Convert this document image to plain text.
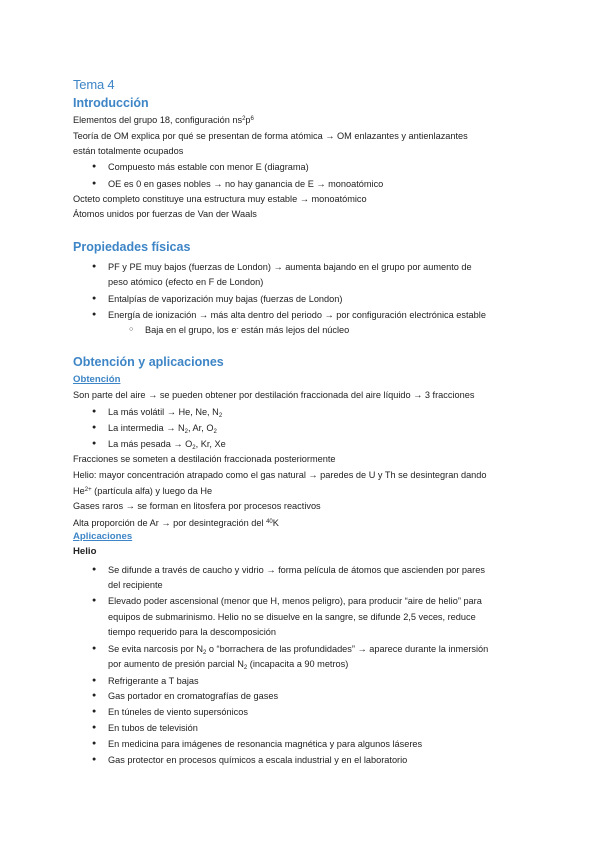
Tema 4
Introducción
Elementos del grupo 18, configuración $ns^2p^6$
Teoría de OM explica por qué se presentan de forma atómica → OM enlazantes y antienlazantes
están totalmente ocupados
● Compuesto más estable con menor E (diagrama)
● OE es 0 en gases nobles → no hay ganancia de E → monoatómico
Octeto completo constituye una estructura muy estable → monoatómico
Átomos unidos por fuerzas de Van der Waals
Propiedades físicas
● PF y PE muy bajos (fuerzas de London) → aumenta bajando en el grupo por aumento de
peso atómico (efecto en F de London)
● Entalpías de vaporización muy bajas (fuerzas de London)
● Energía de ionización → más alta dentro del periodo → por configuración electrónica estable
○ Baja en el grupo, los e- están más lejos del núcleo
Obtención y aplicaciones
Obtención
Son parte del aire → se pueden obtener por destilación fraccionada del aire líquido → 3 fracciones
● La más volátil → He, Ne, $N_2$
● La intermedia → $N_2$, Ar, $O_2$
● La más pesada → $O_2$, Kr, Xe
Fracciones se someten a destilación fraccionada posteriormente
Helio: mayor concentración atrapado como el gas natural → paredes de U y Th se desintegran dando
$He^{2+}$ (partícula alfa) y luego da He
Gases raros → se forman en litosfera por procesos reactivos
Alta proporción de Ar → por desintegración del $^{40}$K
Aplicaciones
Helio
● Se difunde a través de caucho y vidrio → forma película de átomos que ascienden por pares
del recipiente
● Elevado poder ascensional (menor que H, menos peligro), para producir “aire de helio” para
equipos de submarinismo. Helio no se disuelve en la sangre, se difunde 2,5 veces, reduce
tiempo requerido para la descomposición
● Se evita narcosis por $N_2$ o “borrachera de las profundidades” → aparece durante la inmersión
por aumento de presión parcial $N_2$ (incapacita a 90 metros)
● Refrigerante a T bajas
● Gas portador en cromatografías de gases
● En túneles de viento supersónicos
● En tubos de televisión
● En medicina para imágenes de resonancia magnética y para algunos láseres
● Gas protector en procesos químicos a escala industrial y en el laboratorio
